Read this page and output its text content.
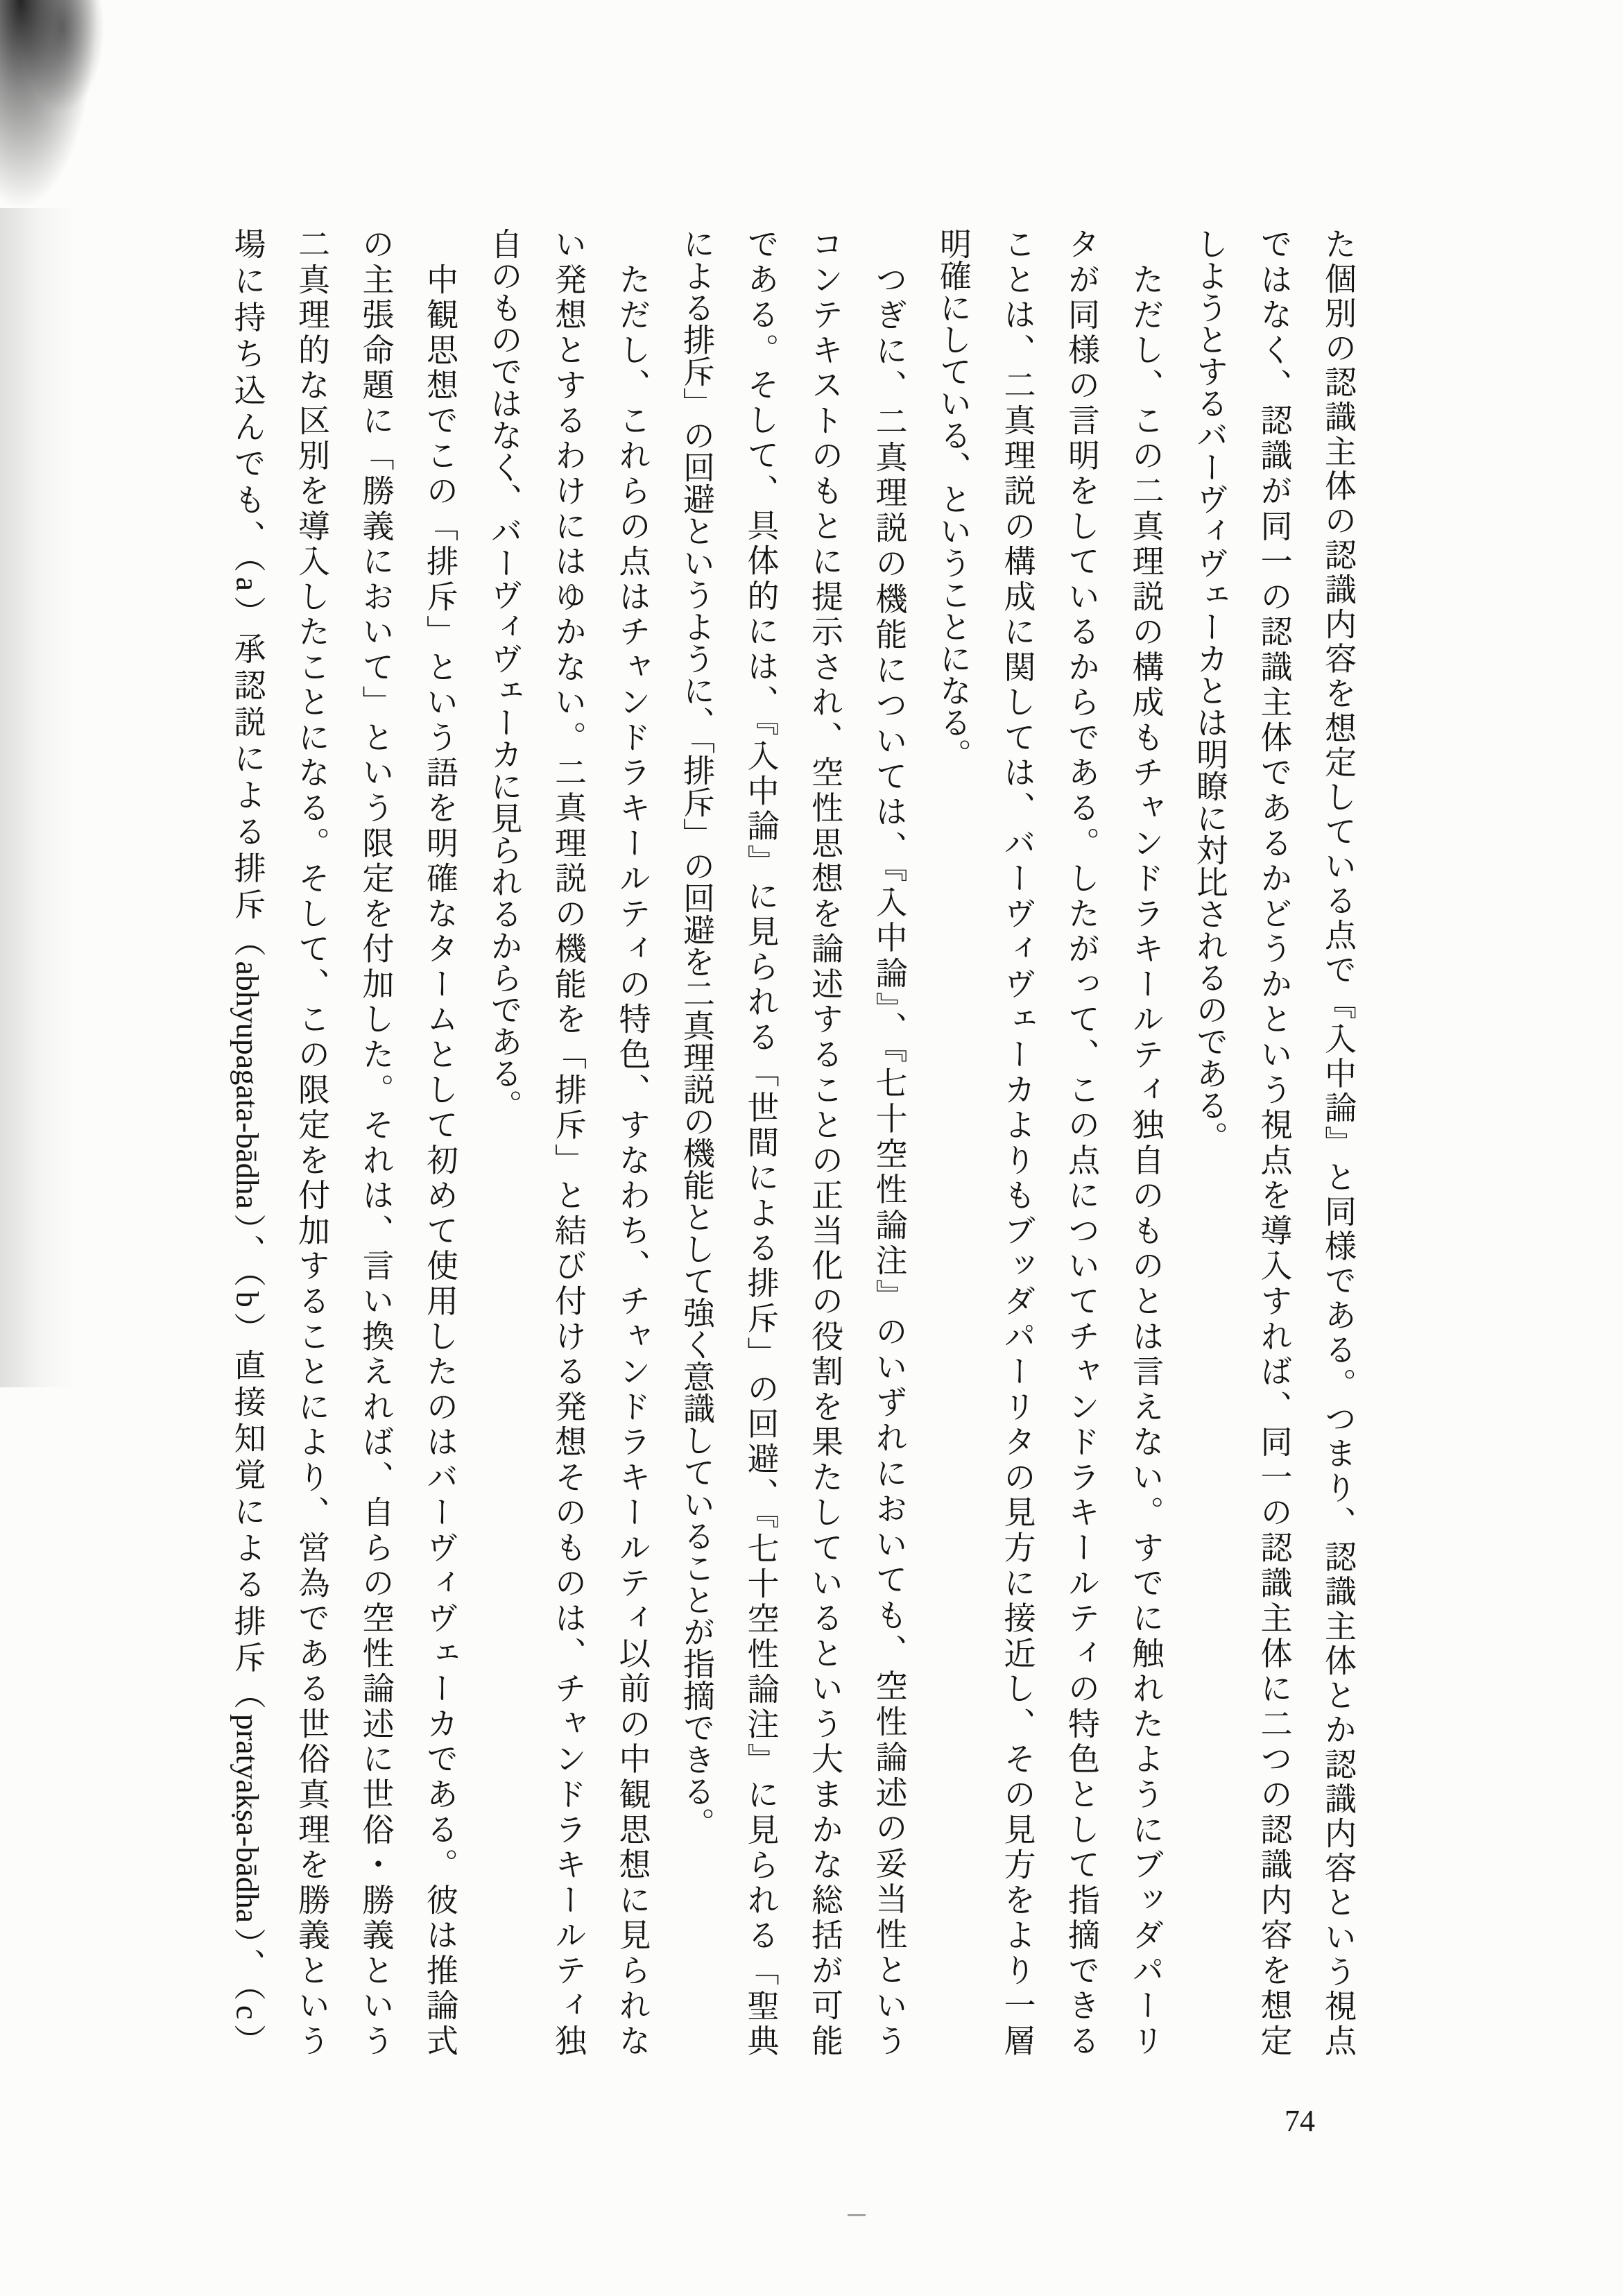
た個別の認識主体の認識内容を想定している点で『入中論』と同様である。つまり、認識主体とか認識内容という視点
ではなく、認識が同一の認識主体であるかどうかという視点を導入すれば、同一の認識主体に二つの認識内容を想定
しようとするバーヴィヴェーカとは明瞭に対比されるのである。
　ただし、この二真理説の構成もチャンドラキールティ独自のものとは言えない。すでに触れたようにブッダパーリ
タが同様の言明をしているからである。したがって、この点についてチャンドラキールティの特色として指摘できる
ことは、二真理説の構成に関しては、バーヴィヴェーカよりもブッダパーリタの見方に接近し、その見方をより一層
明確にしている、ということになる。
　つぎに、二真理説の機能については、『入中論』、『七十空性論注』のいずれにおいても、空性論述の妥当性という
コンテキストのもとに提示され、空性思想を論述することの正当化の役割を果たしているという大まかな総括が可能
である。そして、具体的には、『入中論』に見られる「世間による排斥」の回避、『七十空性論注』に見られる「聖典
による排斥」の回避というように、「排斥」の回避を二真理説の機能として強く意識していることが指摘できる。
　ただし、これらの点はチャンドラキールティの特色、すなわち、チャンドラキールティ以前の中観思想に見られな
い発想とするわけにはゆかない。二真理説の機能を「排斥」と結び付ける発想そのものは、チャンドラキールティ独
自のものではなく、バーヴィヴェーカに見られるからである。
　中観思想でこの「排斥」という語を明確なタームとして初めて使用したのはバーヴィヴェーカである。彼は推論式
の主張命題に「勝義において」という限定を付加した。それは、言い換えれば、自らの空性論述に世俗・勝義という
二真理的な区別を導入したことになる。そして、この限定を付加することにより、営為である世俗真理を勝義という
場に持ち込んでも、（a）承認説による排斥（abhyupagata-bādha）、（b）直接知覚による排斥（pratyakṣa-bādha）、（c）
74
